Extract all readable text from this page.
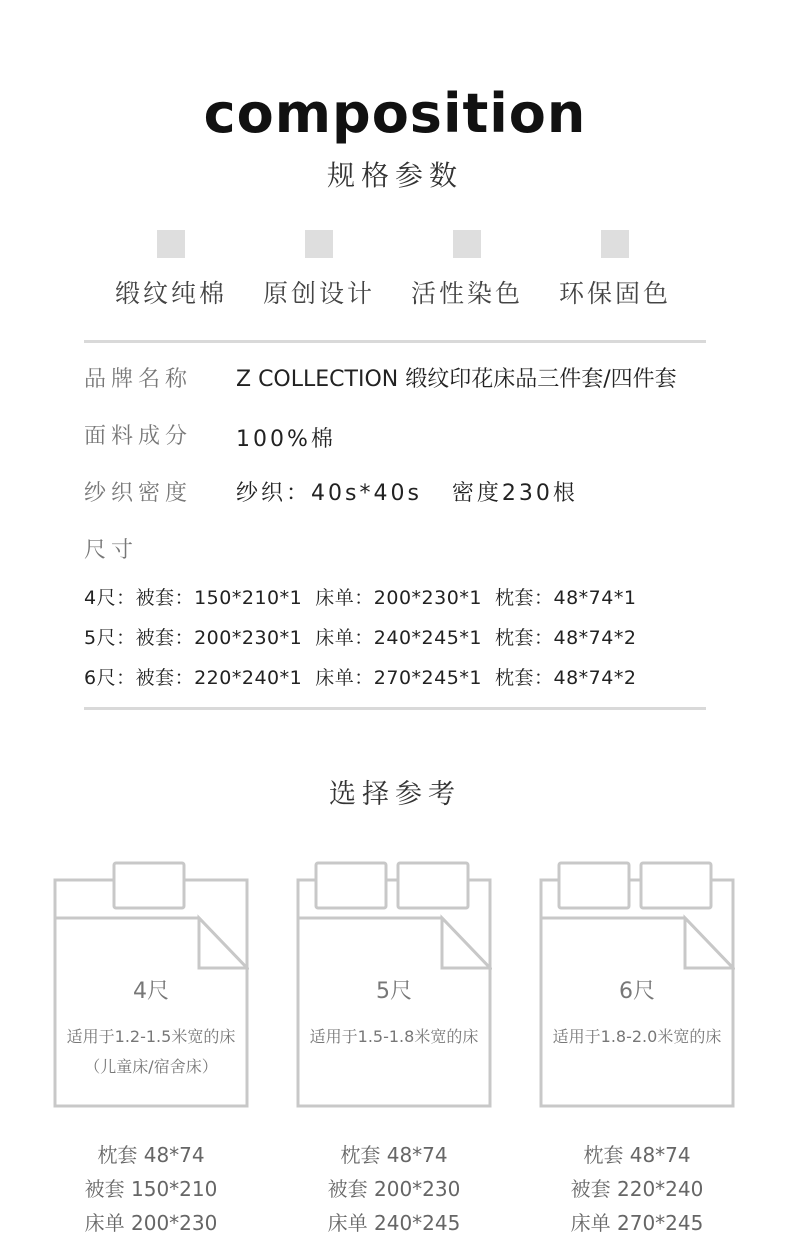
composition
规格参数
缎纹纯棉	原创设计	活性染色	环保固色
品牌名称 Z COLLECTION 缎纹印花床品三件套/四件套
面料成分 100%棉
纱织密度 纱织：40s*40s   密度230根
尺寸
4尺：被套：150*210*1  床单：200*230*1  枕套：48*74*1
5尺：被套：200*230*1  床单：240*245*1  枕套：48*74*2
6尺：被套：220*240*1  床单：270*245*1  枕套：48*74*2
选择参考
4尺
适用于1.2-1.5米宽的床
（儿童床/宿舍床）
5尺
适用于1.5-1.8米宽的床
6尺
适用于1.8-2.0米宽的床
枕套 48*74
被套 150*210
床单 200*230
枕套 48*74
被套 200*230
床单 240*245
枕套 48*74
被套 220*240
床单 270*245
